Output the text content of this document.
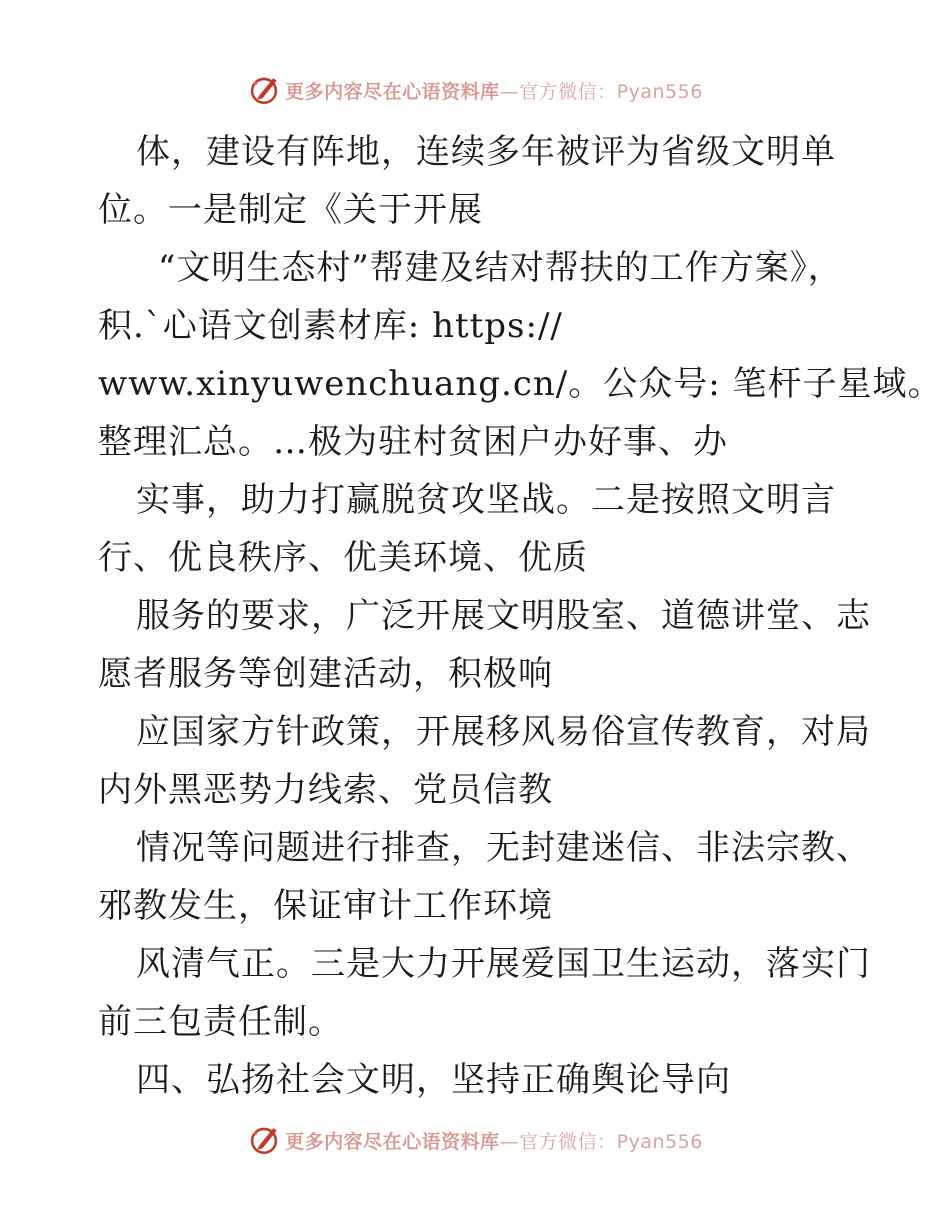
更多内容尽在心语资料库—官方微信：Pyan556
体，建设有阵地，连续多年被评为省级文明单
位。一是制定《关于开展
“文明生态村”帮建及结对帮扶的工作方案》，
积.`心语文创素材库: https://
www.xinyuwenchuang.cn/。公众号: 笔杆子星域。
整理汇总。…极为驻村贫困户办好事、办
实事，助力打赢脱贫攻坚战。二是按照文明言
行、优良秩序、优美环境、优质
服务的要求，广泛开展文明股室、道德讲堂、志
愿者服务等创建活动，积极响
应国家方针政策，开展移风易俗宣传教育，对局
内外黑恶势力线索、党员信教
情况等问题进行排查，无封建迷信、非法宗教、
邪教发生，保证审计工作环境
风清气正。三是大力开展爱国卫生运动，落实门
前三包责任制。
四、弘扬社会文明，坚持正确舆论导向
更多内容尽在心语资料库—官方微信：Pyan556
